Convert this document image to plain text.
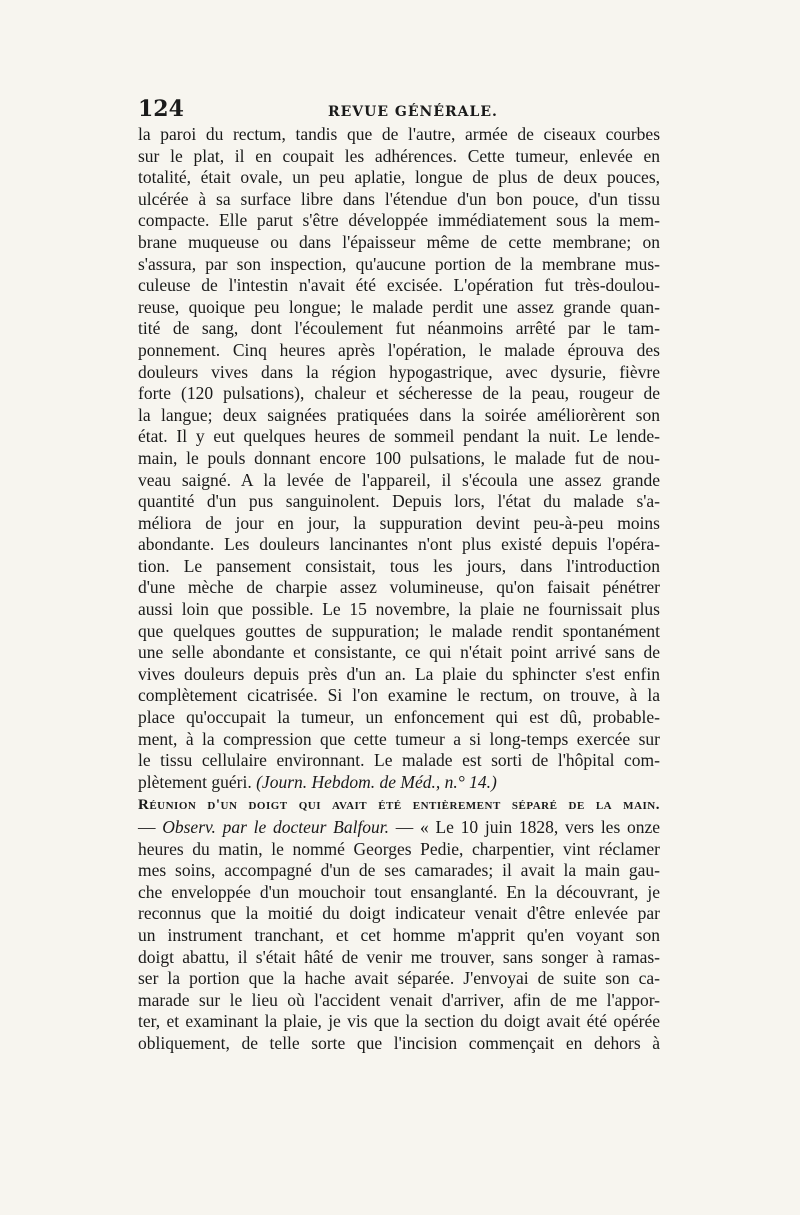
124	REVUE GÉNÉRALE.
la paroi du rectum, tandis que de l'autre, armée de ciseaux courbes
sur le plat, il en coupait les adhérences. Cette tumeur, enlevée en
totalité, était ovale, un peu aplatie, longue de plus de deux pouces,
ulcérée à sa surface libre dans l'étendue d'un bon pouce, d'un tissu
compacte. Elle parut s'être développée immédiatement sous la mem-
brane muqueuse ou dans l'épaisseur même de cette membrane; on
s'assura, par son inspection, qu'aucune portion de la membrane mus-
culeuse de l'intestin n'avait été excisée. L'opération fut très-doulou-
reuse, quoique peu longue; le malade perdit une assez grande quan-
tité de sang, dont l'écoulement fut néanmoins arrêté par le tam-
ponnement. Cinq heures après l'opération, le malade éprouva des
douleurs vives dans la région hypogastrique, avec dysurie, fièvre
forte (120 pulsations), chaleur et sécheresse de la peau, rougeur de
la langue; deux saignées pratiquées dans la soirée améliorèrent son
état. Il y eut quelques heures de sommeil pendant la nuit. Le lende-
main, le pouls donnant encore 100 pulsations, le malade fut de nou-
veau saigné. A la levée de l'appareil, il s'écoula une assez grande
quantité d'un pus sanguinolent. Depuis lors, l'état du malade s'a-
méliora de jour en jour, la suppuration devint peu-à-peu moins
abondante. Les douleurs lancinantes n'ont plus existé depuis l'opéra-
tion. Le pansement consistait, tous les jours, dans l'introduction
d'une mèche de charpie assez volumineuse, qu'on faisait pénétrer
aussi loin que possible. Le 15 novembre, la plaie ne fournissait plus
que quelques gouttes de suppuration; le malade rendit spontanément
une selle abondante et consistante, ce qui n'était point arrivé sans de
vives douleurs depuis près d'un an. La plaie du sphincter s'est enfin
complètement cicatrisée. Si l'on examine le rectum, on trouve, à la
place qu'occupait la tumeur, un enfoncement qui est dû, probable-
ment, à la compression que cette tumeur a si long-temps exercée sur
le tissu cellulaire environnant. Le malade est sorti de l'hôpital com-
plètement guéri. (Journ. Hebdom. de Méd., n.° 14.)
Réunion d'un doigt qui avait été entièrement séparé de la main.
— Observ. par le docteur Balfour. — « Le 10 juin 1828, vers les onze
heures du matin, le nommé Georges Pedie, charpentier, vint réclamer
mes soins, accompagné d'un de ses camarades; il avait la main gau-
che enveloppée d'un mouchoir tout ensanglanté. En la découvrant, je
reconnus que la moitié du doigt indicateur venait d'être enlevée par
un instrument tranchant, et cet homme m'apprit qu'en voyant son
doigt abattu, il s'était hâté de venir me trouver, sans songer à ramas-
ser la portion que la hache avait séparée. J'envoyai de suite son ca-
marade sur le lieu où l'accident venait d'arriver, afin de me l'appor-
ter, et examinant la plaie, je vis que la section du doigt avait été opérée
obliquement, de telle sorte que l'incision commençait en dehors à
